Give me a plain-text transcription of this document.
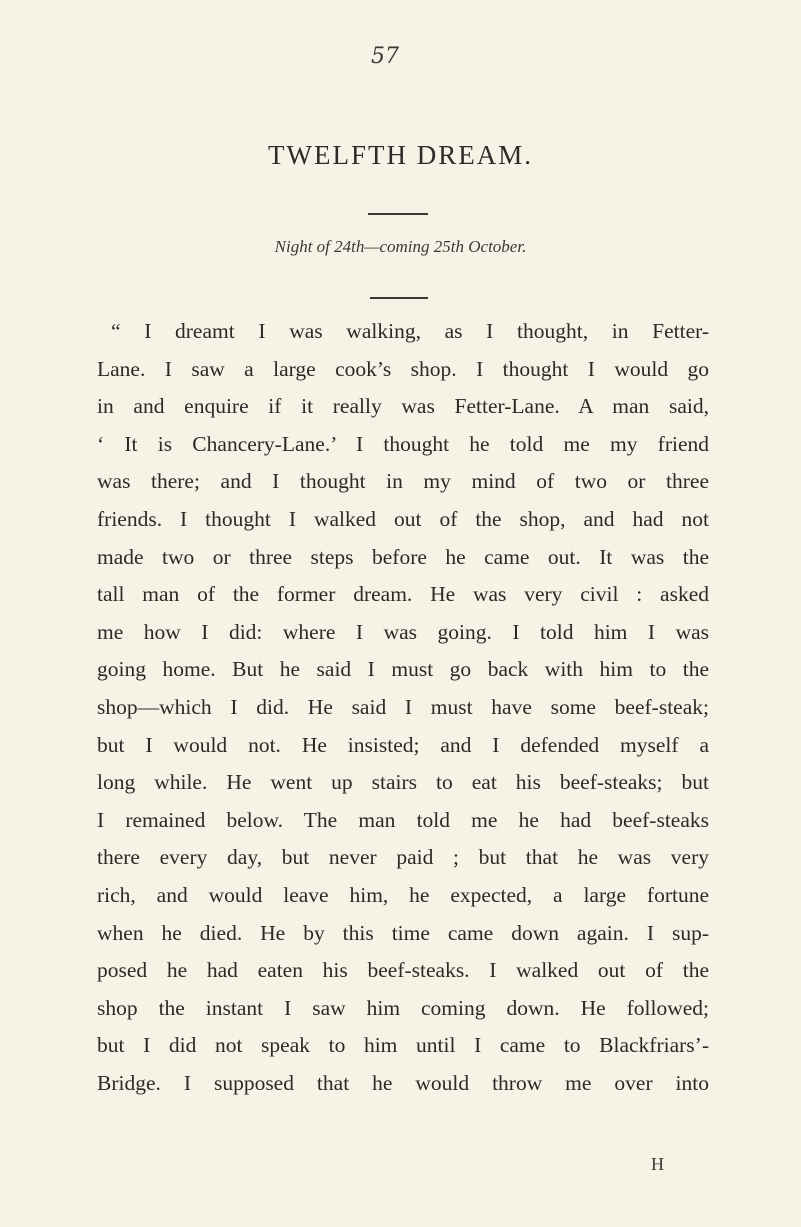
57
TWELFTH DREAM.
Night of 24th—coming 25th October.
“ I dreamt I was walking, as I thought, in Fetter-
Lane. I saw a large cook’s shop. I thought I would go
in and enquire if it really was Fetter-Lane. A man said,
‘ It is Chancery-Lane.’ I thought he told me my friend
was there; and I thought in my mind of two or three
friends. I thought I walked out of the shop, and had not
made two or three steps before he came out. It was the
tall man of the former dream. He was very civil : asked
me how I did: where I was going. I told him I was
going home. But he said I must go back with him to the
shop—which I did. He said I must have some beef-steak;
but I would not. He insisted; and I defended myself a
long while. He went up stairs to eat his beef-steaks; but
I remained below. The man told me he had beef-steaks
there every day, but never paid ; but that he was very
rich, and would leave him, he expected, a large fortune
when he died. He by this time came down again. I sup-
posed he had eaten his beef-steaks. I walked out of the
shop the instant I saw him coming down. He followed;
but I did not speak to him until I came to Blackfriars’-
Bridge. I supposed that he would throw me over into
H
